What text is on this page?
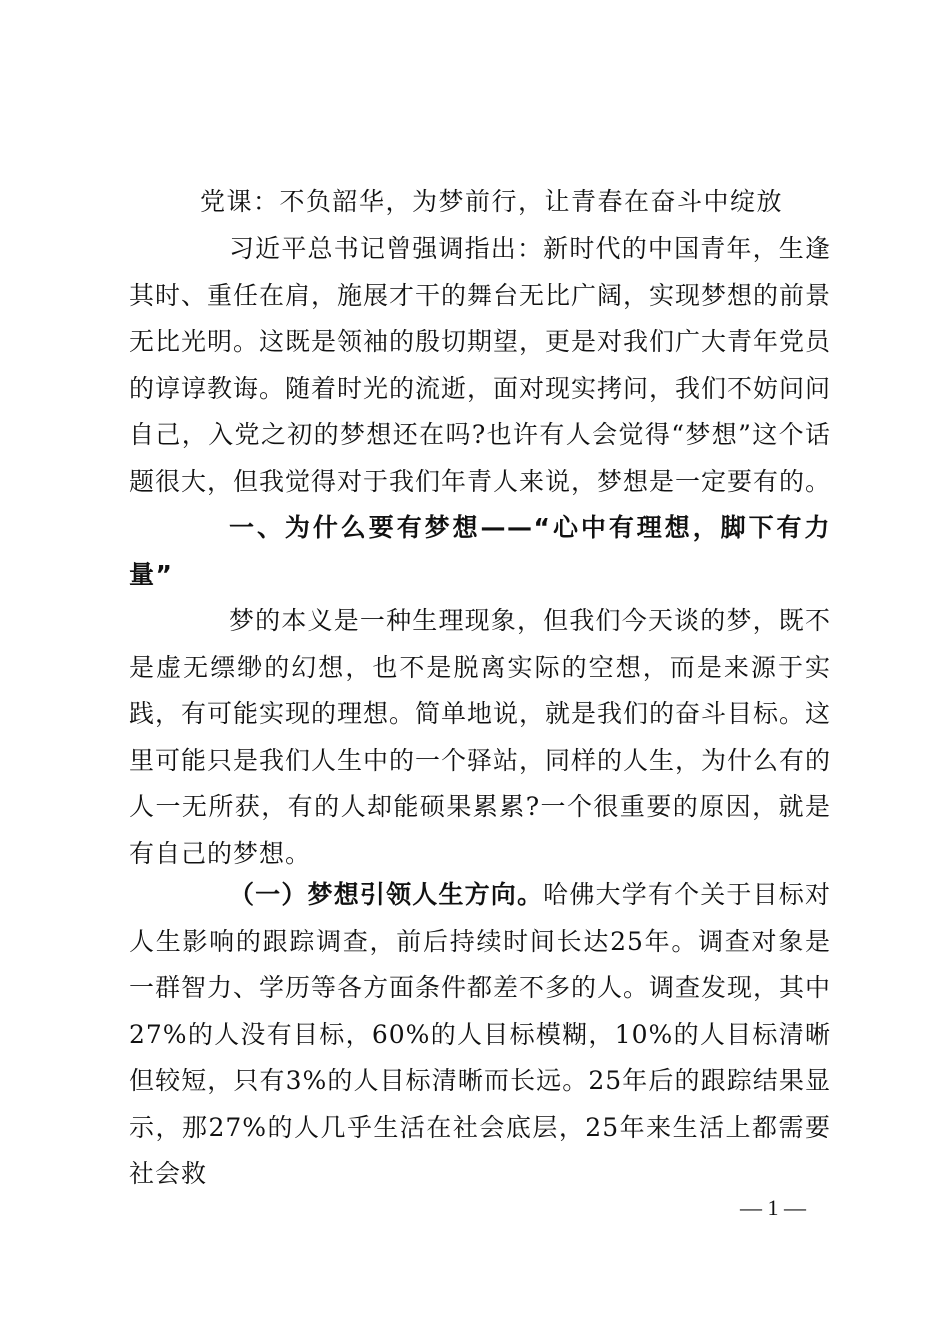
党课：不负韶华，为梦前行，让青春在奋斗中绽放
习近平总书记曾强调指出：新时代的中国青年，生逢其时、重任在肩，施展才干的舞台无比广阔，实现梦想的前景无比光明。这既是领袖的殷切期望，更是对我们广大青年党员的谆谆教诲。随着时光的流逝，面对现实拷问，我们不妨问问自己，入党之初的梦想还在吗?也许有人会觉得“梦想”这个话题很大，但我觉得对于我们年青人来说，梦想是一定要有的。
一、为什么要有梦想——“心中有理想，脚下有力量”
梦的本义是一种生理现象，但我们今天谈的梦，既不是虚无缥缈的幻想，也不是脱离实际的空想，而是来源于实践，有可能实现的理想。简单地说，就是我们的奋斗目标。这里可能只是我们人生中的一个驿站，同样的人生，为什么有的人一无所获，有的人却能硕果累累?一个很重要的原因，就是有自己的梦想。
（一）梦想引领人生方向。哈佛大学有个关于目标对人生影响的跟踪调查，前后持续时间长达25年。调查对象是一群智力、学历等各方面条件都差不多的人。调查发现，其中27%的人没有目标，60%的人目标模糊，10%的人目标清晰但较短，只有3%的人目标清晰而长远。25年后的跟踪结果显示，那27%的人几乎生活在社会底层，25年来生活上都需要社会救
— 1 —
